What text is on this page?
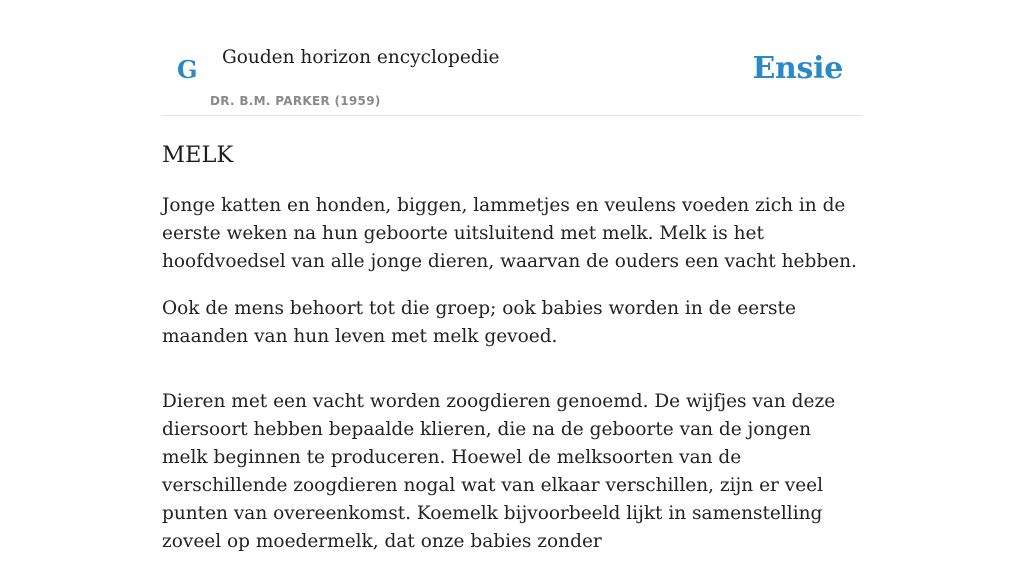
G Gouden horizon encyclopedie
DR. B.M. PARKER (1959)
Ensie
MELK

Jonge katten en honden, biggen, lammetjes en veulens voeden zich in de eerste weken na hun geboorte uitsluitend met melk. Melk is het hoofdvoedsel van alle jonge dieren, waarvan de ouders een vacht hebben.

Ook de mens behoort tot die groep; ook babies worden in de eerste maanden van hun leven met melk gevoed.

Dieren met een vacht worden zoogdieren genoemd. De wijfjes van deze diersoort hebben bepaalde klieren, die na de geboorte van de jongen melk beginnen te produceren. Hoewel de melksoorten van de verschillende zoogdieren nogal wat van elkaar verschillen, zijn er veel punten van overeenkomst. Koemelk bijvoorbeeld lijkt in samenstelling zoveel op moedermelk, dat onze babies zonder
